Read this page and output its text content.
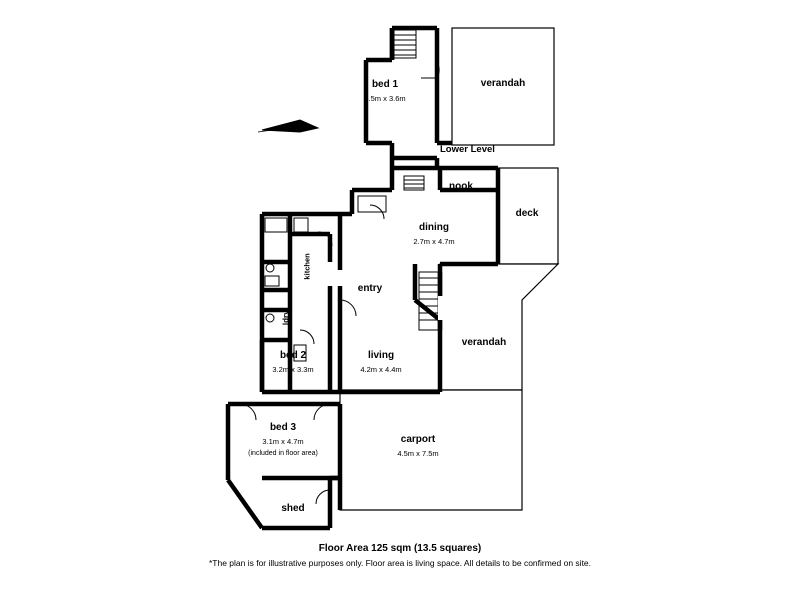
bed 1
3.5m x 3.6m
verandah
Lower Level
nook
deck
dining
2.7m x 4.7m
entry
kitchen
ldry
bed 2
3.2m x 3.3m
living
4.2m x 4.4m
verandah
bed 3
3.1m x 4.7m
(included in floor area)
carport
4.5m x 7.5m
shed
Floor Area 125 sqm (13.5 squares)
*The plan is for illustrative purposes only. Floor area is living space. All details to be confirmed on site.
